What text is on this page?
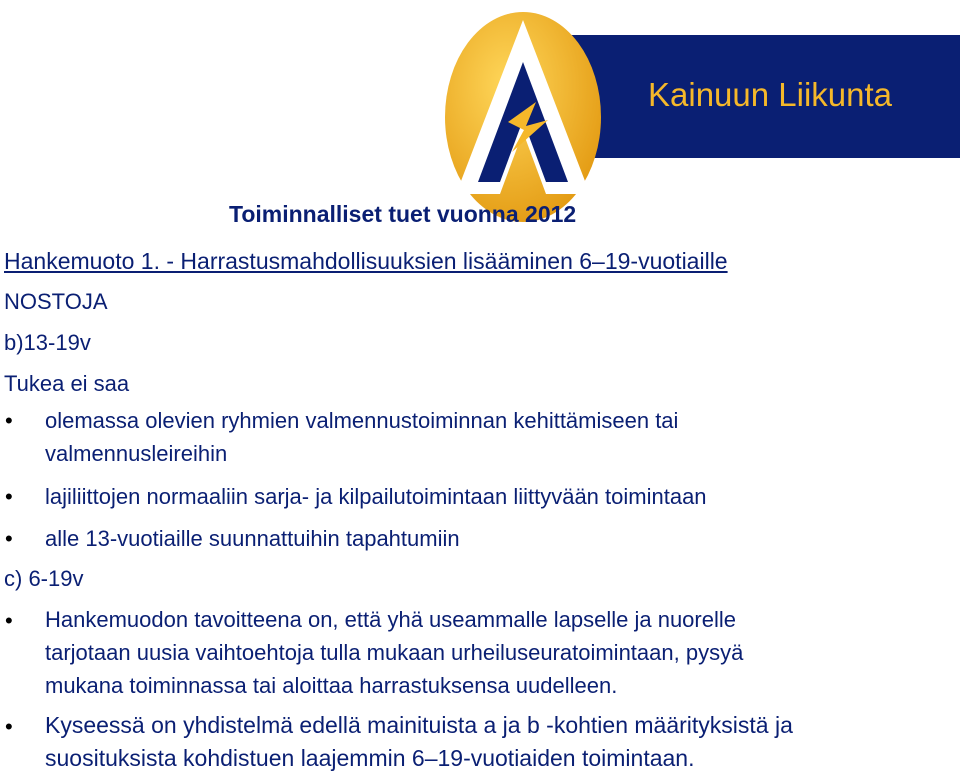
Kainuun Liikunta
Toiminnalliset tuet vuonna 2012
Hankemuoto 1. - Harrastusmahdollisuuksien lisääminen 6–19-vuotiaille
NOSTOJA
b)13-19v
Tukea ei saa
• olemassa olevien ryhmien valmennustoiminnan kehittämiseen tai
valmennusleireihin
• lajiliittojen normaaliin sarja- ja kilpailutoimintaan liittyvään toimintaan
• alle 13-vuotiaille suunnattuihin tapahtumiin
c) 6-19v
• Hankemuodon tavoitteena on, että yhä useammalle lapselle ja nuorelle
tarjotaan uusia vaihtoehtoja tulla mukaan urheiluseuratoimintaan, pysyä
mukana toiminnassa tai aloittaa harrastuksensa uudelleen.
• Kyseessä on yhdistelmä edellä mainituista a ja b -kohtien määrityksistä ja
suosituksista kohdistuen laajemmin 6–19-vuotiaiden toimintaan.
